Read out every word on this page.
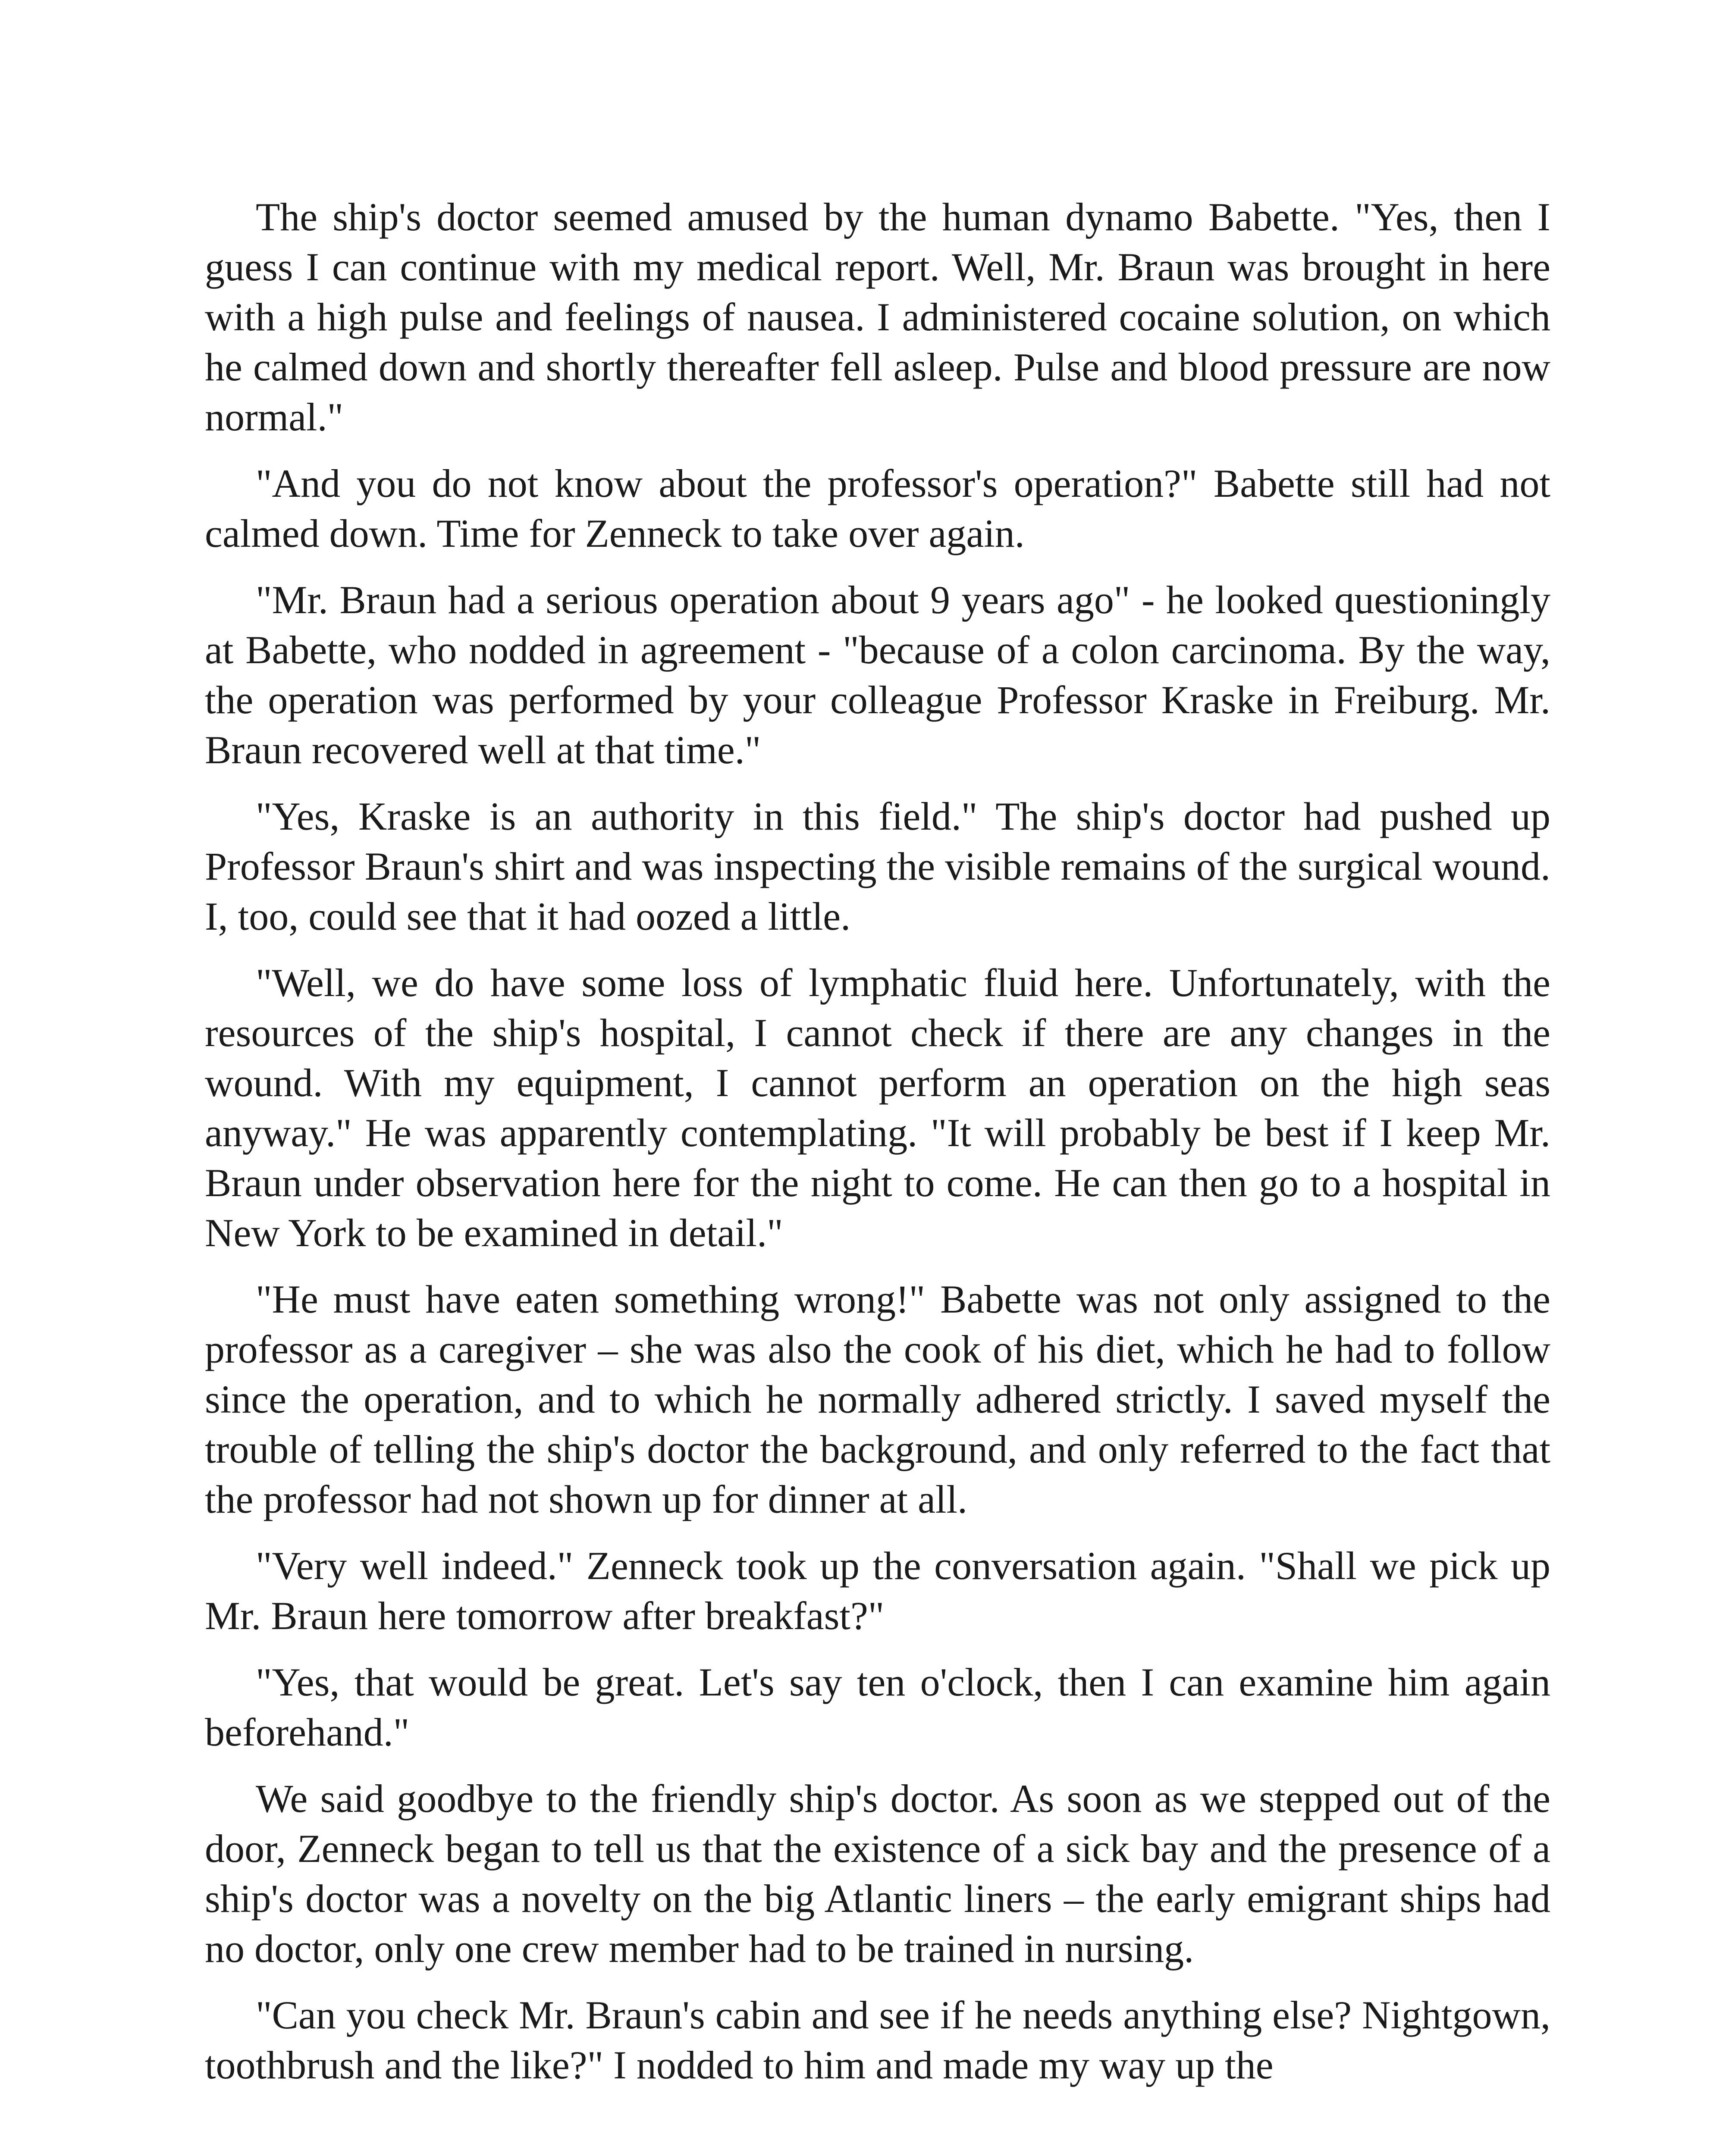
The ship's doctor seemed amused by the human dynamo Babette. "Yes, then I guess I can continue with my medical report. Well, Mr. Braun was brought in here with a high pulse and feelings of nausea. I administered cocaine solution, on which he calmed down and shortly thereafter fell asleep. Pulse and blood pressure are now normal."

"And you do not know about the professor's operation?" Babette still had not calmed down. Time for Zenneck to take over again.

"Mr. Braun had a serious operation about 9 years ago" - he looked questioningly at Babette, who nodded in agreement - "because of a colon carcinoma. By the way, the operation was performed by your colleague Professor Kraske in Freiburg. Mr. Braun recovered well at that time."

"Yes, Kraske is an authority in this field." The ship's doctor had pushed up Professor Braun's shirt and was inspecting the visible remains of the surgical wound. I, too, could see that it had oozed a little.

"Well, we do have some loss of lymphatic fluid here. Unfortunately, with the resources of the ship's hospital, I cannot check if there are any changes in the wound. With my equipment, I cannot perform an operation on the high seas anyway." He was apparently contemplating. "It will probably be best if I keep Mr. Braun under observation here for the night to come. He can then go to a hospital in New York to be examined in detail."

"He must have eaten something wrong!" Babette was not only assigned to the professor as a caregiver – she was also the cook of his diet, which he had to follow since the operation, and to which he normally adhered strictly. I saved myself the trouble of telling the ship's doctor the background, and only referred to the fact that the professor had not shown up for dinner at all.

"Very well indeed." Zenneck took up the conversation again. "Shall we pick up Mr. Braun here tomorrow after breakfast?"

"Yes, that would be great. Let's say ten o'clock, then I can examine him again beforehand."

We said goodbye to the friendly ship's doctor. As soon as we stepped out of the door, Zenneck began to tell us that the existence of a sick bay and the presence of a ship's doctor was a novelty on the big Atlantic liners – the early emigrant ships had no doctor, only one crew member had to be trained in nursing.

"Can you check Mr. Braun's cabin and see if he needs anything else? Nightgown, toothbrush and the like?" I nodded to him and made my way up the
